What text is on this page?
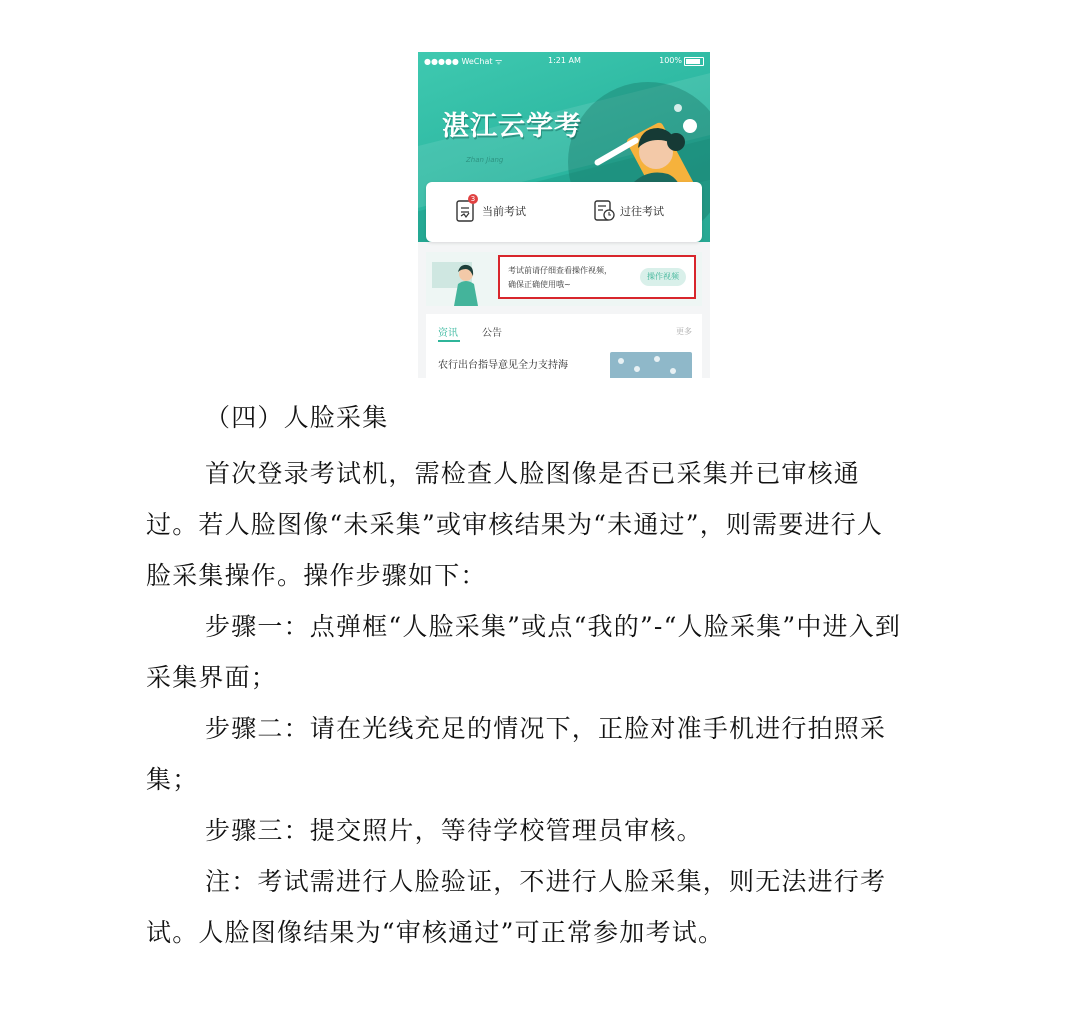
●●●●● WeChat ᯤ	1:21 AM	100%
湛江云学考
Zhan Jiang
3
当前考试	过往考试
考试前请仔细查看操作视频，
确保正确使用哦~
操作视频
资讯 公告	更多
农行出台指导意见全力支持海

（四）人脸采集

首次登录考试机，需检查人脸图像是否已采集并已审核通

过。若人脸图像“未采集”或审核结果为“未通过”，则需要进行人

脸采集操作。操作步骤如下：

步骤一：点弹框“人脸采集”或点“我的”-“人脸采集”中进入到

采集界面；

步骤二：请在光线充足的情况下，正脸对准手机进行拍照采

集；

步骤三：提交照片，等待学校管理员审核。

注：考试需进行人脸验证，不进行人脸采集，则无法进行考

试。人脸图像结果为“审核通过”可正常参加考试。
